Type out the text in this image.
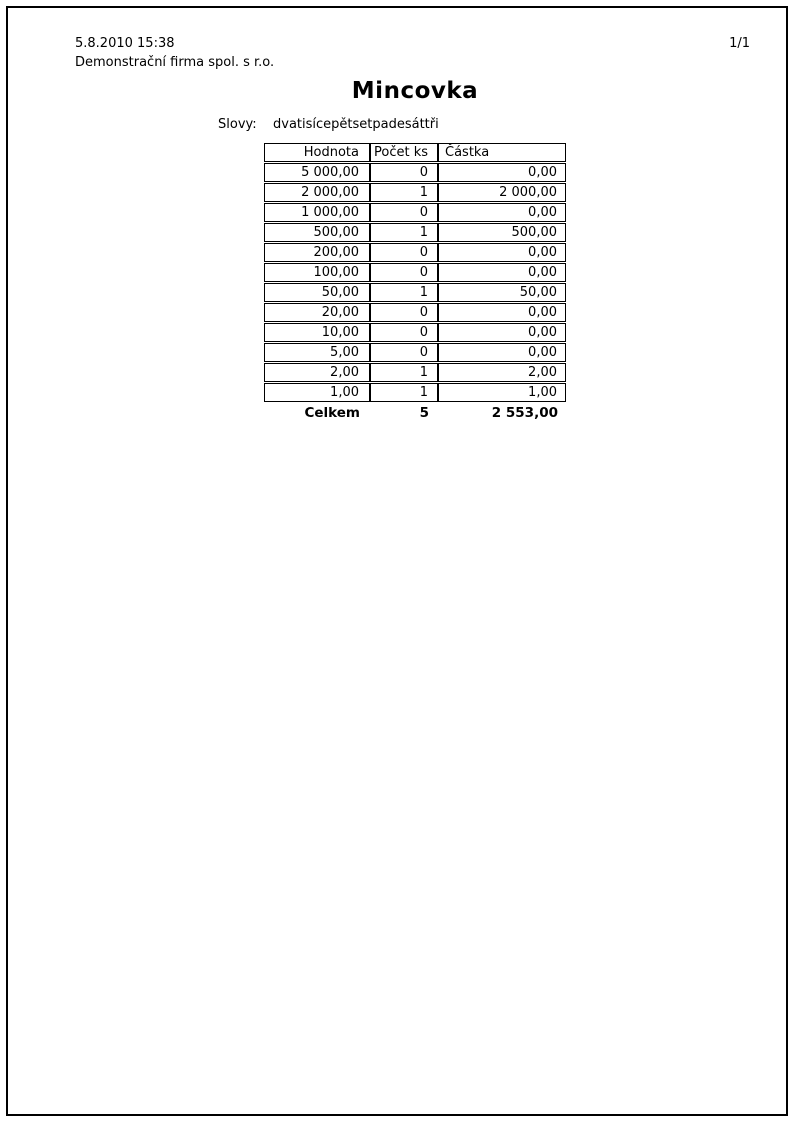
5.8.2010 15:38	1/1
Demonstrační firma spol. s r.o.
Mincovka
Slovy: dvatisícepětsetpadesáttři
Hodnota	Počet ks	Částka
5 000,00	0	0,00
2 000,00	1	2 000,00
1 000,00	0	0,00
500,00	1	500,00
200,00	0	0,00
100,00	0	0,00
50,00	1	50,00
20,00	0	0,00
10,00	0	0,00
5,00	0	0,00
2,00	1	2,00
1,00	1	1,00
Celkem	5	2 553,00
